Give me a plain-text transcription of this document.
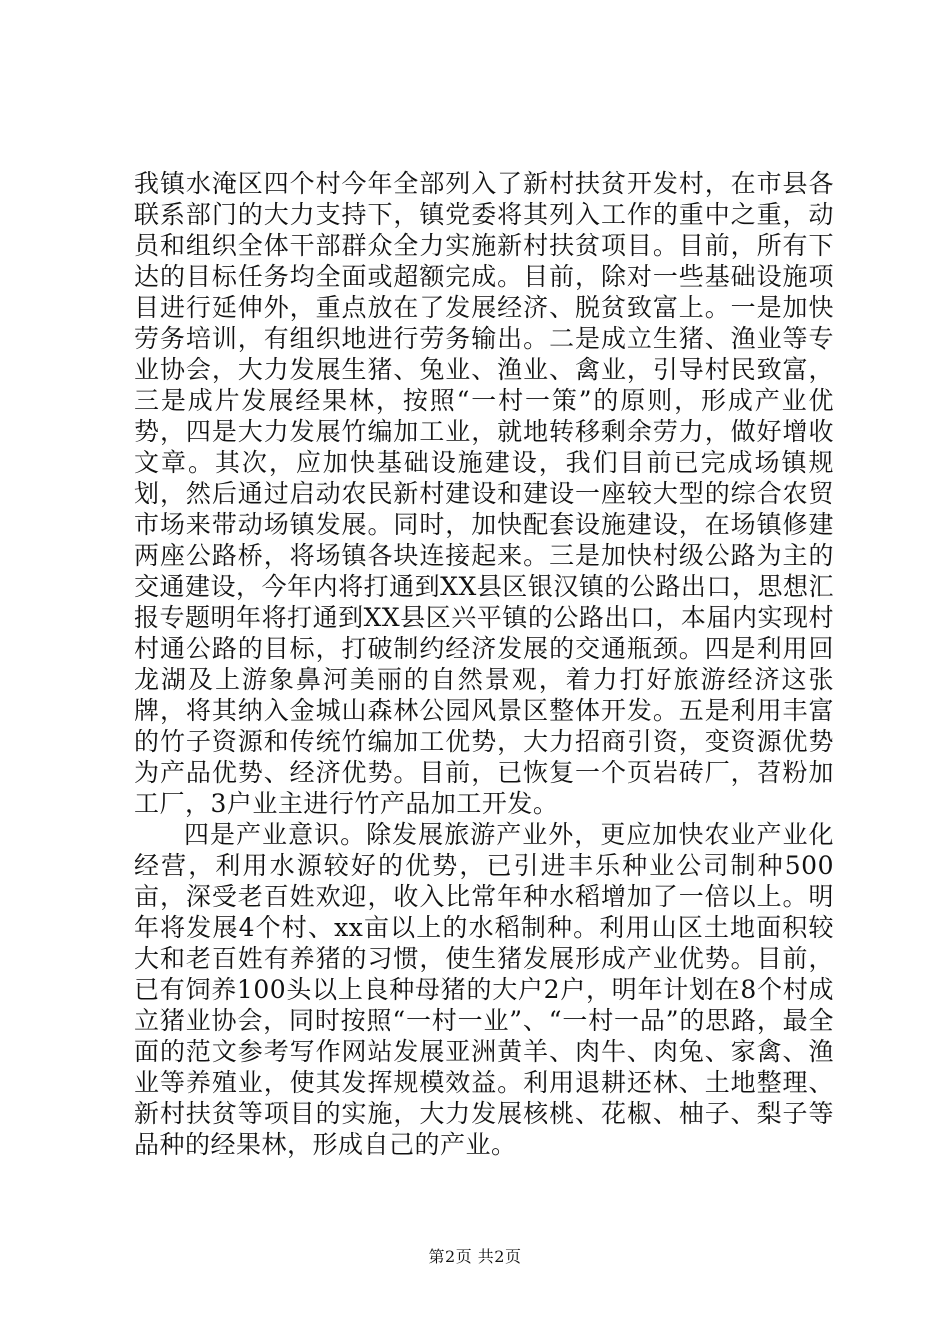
我镇水淹区四个村今年全部列入了新村扶贫开发村，在市县各联系部门的大力支持下，镇党委将其列入工作的重中之重，动员和组织全体干部群众全力实施新村扶贫项目。目前，所有下达的目标任务均全面或超额完成。目前，除对一些基础设施项目进行延伸外，重点放在了发展经济、脱贫致富上。一是加快劳务培训，有组织地进行劳务输出。二是成立生猪、渔业等专业协会，大力发展生猪、兔业、渔业、禽业，引导村民致富，三是成片发展经果林，按照“一村一策”的原则，形成产业优势，四是大力发展竹编加工业，就地转移剩余劳力，做好增收文章。其次，应加快基础设施建设，我们目前已完成场镇规划，然后通过启动农民新村建设和建设一座较大型的综合农贸市场来带动场镇发展。同时，加快配套设施建设，在场镇修建两座公路桥，将场镇各块连接起来。三是加快村级公路为主的交通建设，今年内将打通到XX县区银汉镇的公路出口，思想汇报专题明年将打通到XX县区兴平镇的公路出口，本届内实现村村通公路的目标，打破制约经济发展的交通瓶颈。四是利用回龙湖及上游象鼻河美丽的自然景观，着力打好旅游经济这张牌，将其纳入金城山森林公园风景区整体开发。五是利用丰富的竹子资源和传统竹编加工优势，大力招商引资，变资源优势为产品优势、经济优势。目前，已恢复一个页岩砖厂，苕粉加工厂，3户业主进行竹产品加工开发。

四是产业意识。除发展旅游产业外，更应加快农业产业化经营，利用水源较好的优势，已引进丰乐种业公司制种500亩，深受老百姓欢迎，收入比常年种水稻增加了一倍以上。明年将发展4个村、xx亩以上的水稻制种。利用山区土地面积较大和老百姓有养猪的习惯，使生猪发展形成产业优势。目前，已有饲养100头以上良种母猪的大户2户，明年计划在8个村成立猪业协会，同时按照“一村一业”、“一村一品”的思路，最全面的范文参考写作网站发展亚洲黄羊、肉牛、肉兔、家禽、渔业等养殖业，使其发挥规模效益。利用退耕还林、土地整理、新村扶贫等项目的实施，大力发展核桃、花椒、柚子、梨子等品种的经果林，形成自己的产业。

第2页 共2页
